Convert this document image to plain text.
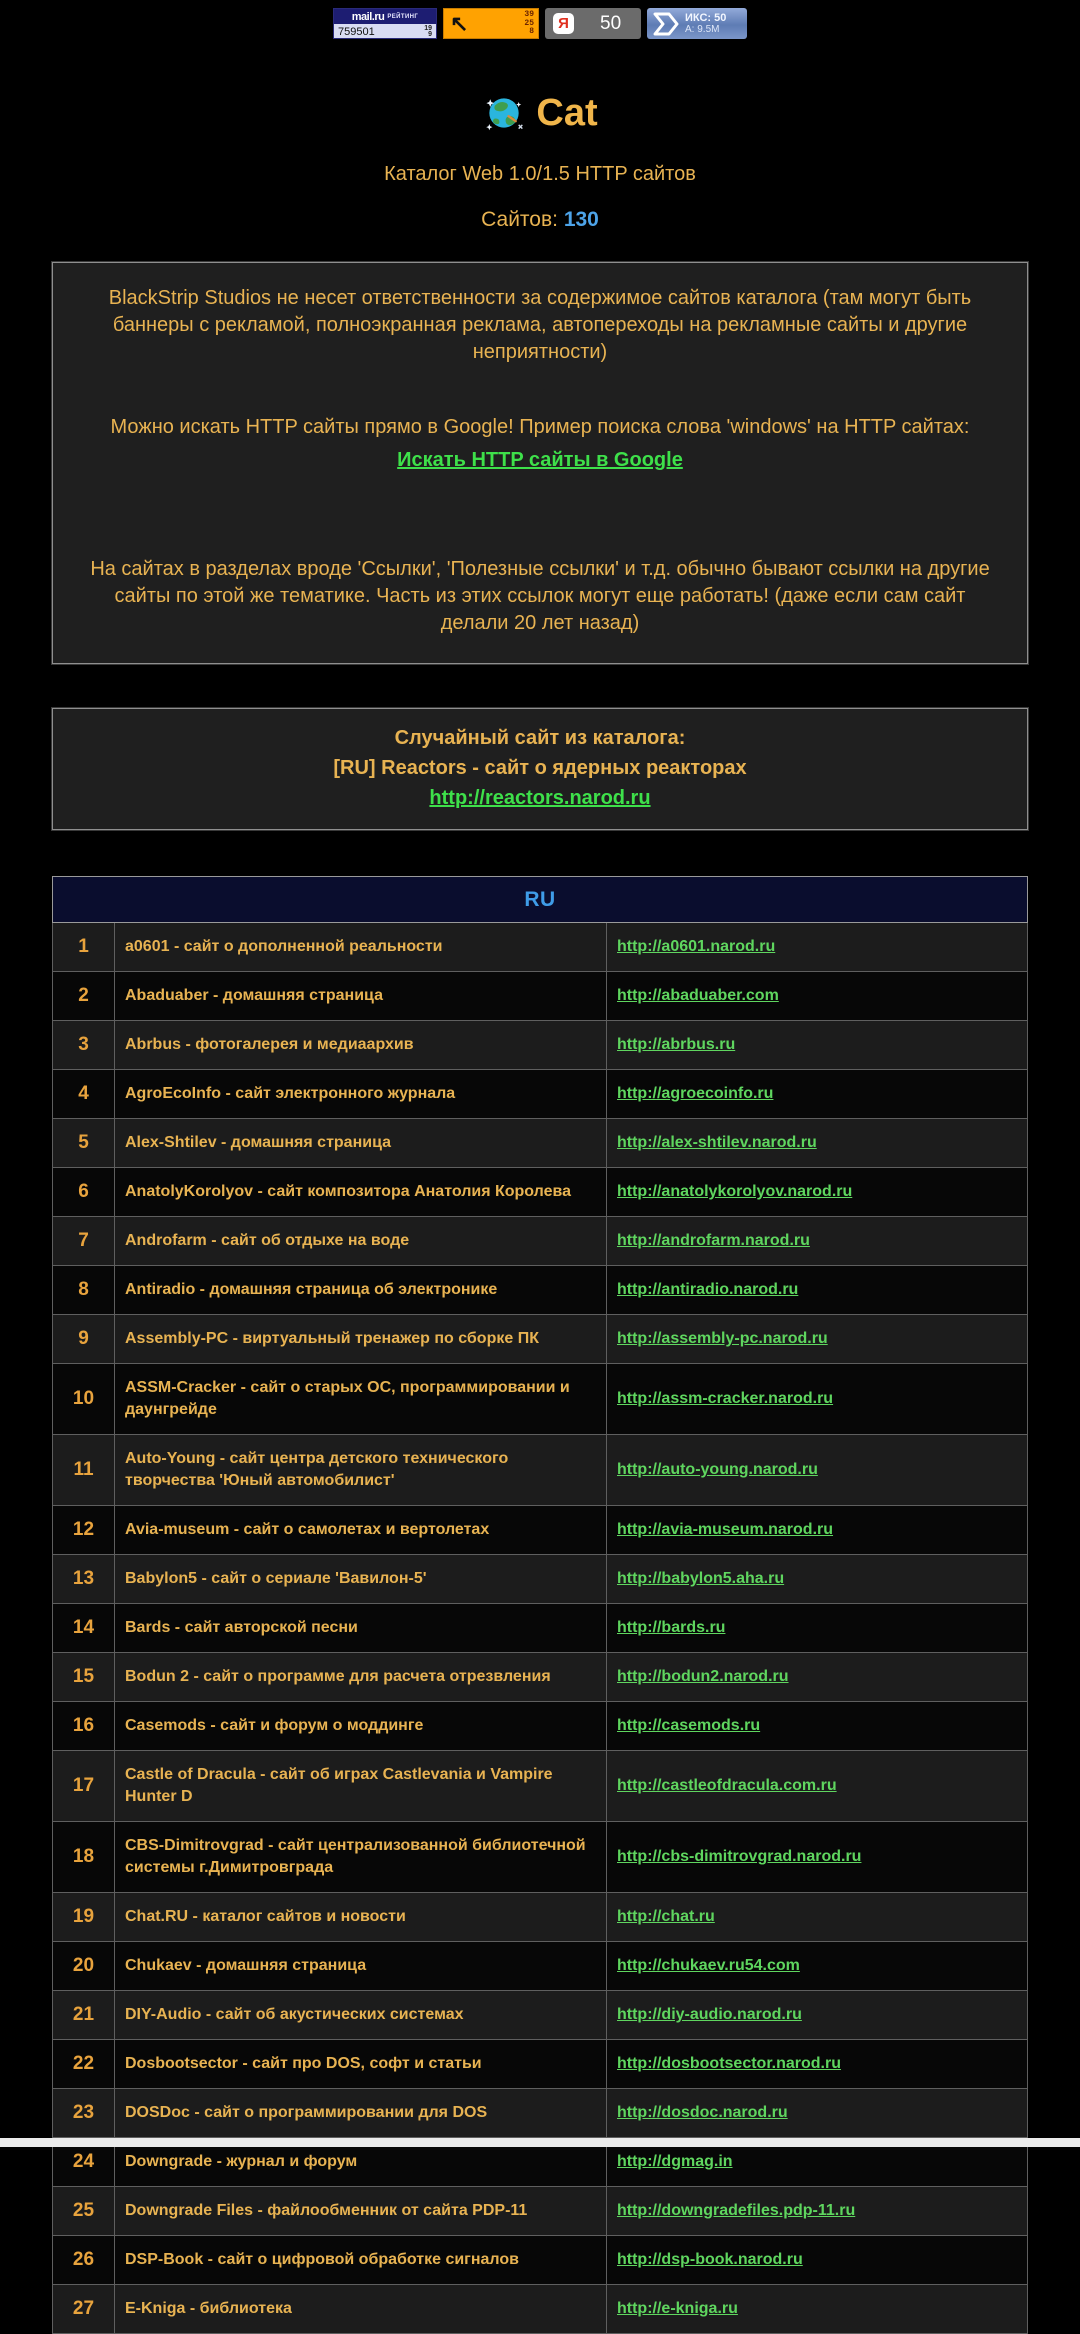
mail.ru РЕЙТИНГ
759501	19
9 ↖	39
25
8 Я 50	ИКС: 50
А: 9.5М
Cat
Каталог Web 1.0/1.5 HTTP сайтов
Сайтов: 130
BlackStrip Studios не несет ответственности за содержимое сайтов каталога (там могут быть баннеры с рекламой, полноэкранная реклама, автопереходы на рекламные сайты и другие неприятности)
Можно искать HTTP сайты прямо в Google! Пример поиска слова 'windows' на HTTP сайтах:
Искать HTTP сайты в Google
На сайтах в разделах вроде 'Ссылки', 'Полезные ссылки' и т.д. обычно бывают ссылки на другие сайты по этой же тематике. Часть из этих ссылок могут еще работать! (даже если сам сайт делали 20 лет назад)
Случайный сайт из каталога:
[RU] Reactors - сайт о ядерных реакторах
http://reactors.narod.ru
RU		
1	a0601 - сайт о дополненной реальности	http://a0601.narod.ru
2	Abaduaber - домашняя страница	http://abaduaber.com
3	Abrbus - фотогалерея и медиаархив	http://abrbus.ru
4	AgroEcoInfo - сайт электронного журнала	http://agroecoinfo.ru
5	Alex-Shtilev - домашняя страница	http://alex-shtilev.narod.ru
6	AnatolyKorolyov - сайт композитора Анатолия Королева	http://anatolykorolyov.narod.ru
7	Androfarm - сайт об отдыхе на воде	http://androfarm.narod.ru
8	Antiradio - домашняя страница об электронике	http://antiradio.narod.ru
9	Assembly-PC - виртуальный тренажер по сборке ПК	http://assembly-pc.narod.ru
10	ASSM-Cracker - сайт о старых ОС, программировании и даунгрейде	http://assm-cracker.narod.ru
11	Auto-Young - сайт центра детского технического творчества 'Юный автомобилист'	http://auto-young.narod.ru
12	Avia-museum - сайт о самолетах и вертолетах	http://avia-museum.narod.ru
13	Babylon5 - сайт о сериале 'Вавилон-5'	http://babylon5.aha.ru
14	Bards - сайт авторской песни	http://bards.ru
15	Bodun 2 - сайт о программе для расчета отрезвления	http://bodun2.narod.ru
16	Casemods - сайт и форум о моддинге	http://casemods.ru
17	Castle of Dracula - сайт об играх Castlevania и Vampire Hunter D	http://castleofdracula.com.ru
18	CBS-Dimitrovgrad - сайт централизованной библиотечной системы г.Димитровграда	http://cbs-dimitrovgrad.narod.ru
19	Chat.RU - каталог сайтов и новости	http://chat.ru
20	Chukaev - домашняя страница	http://chukaev.ru54.com
21	DIY-Audio - сайт об акустических системах	http://diy-audio.narod.ru
22	Dosbootsector - сайт про DOS, софт и статьи	http://dosbootsector.narod.ru
23	DOSDoc - сайт о программировании для DOS	http://dosdoc.narod.ru
24	Downgrade - журнал и форум	http://dgmag.in
25	Downgrade Files - файлообменник от сайта PDP-11	http://downgradefiles.pdp-11.ru
26	DSP-Book - сайт о цифровой обработке сигналов	http://dsp-book.narod.ru
27	E-Kniga - библиотека	http://e-kniga.ru
